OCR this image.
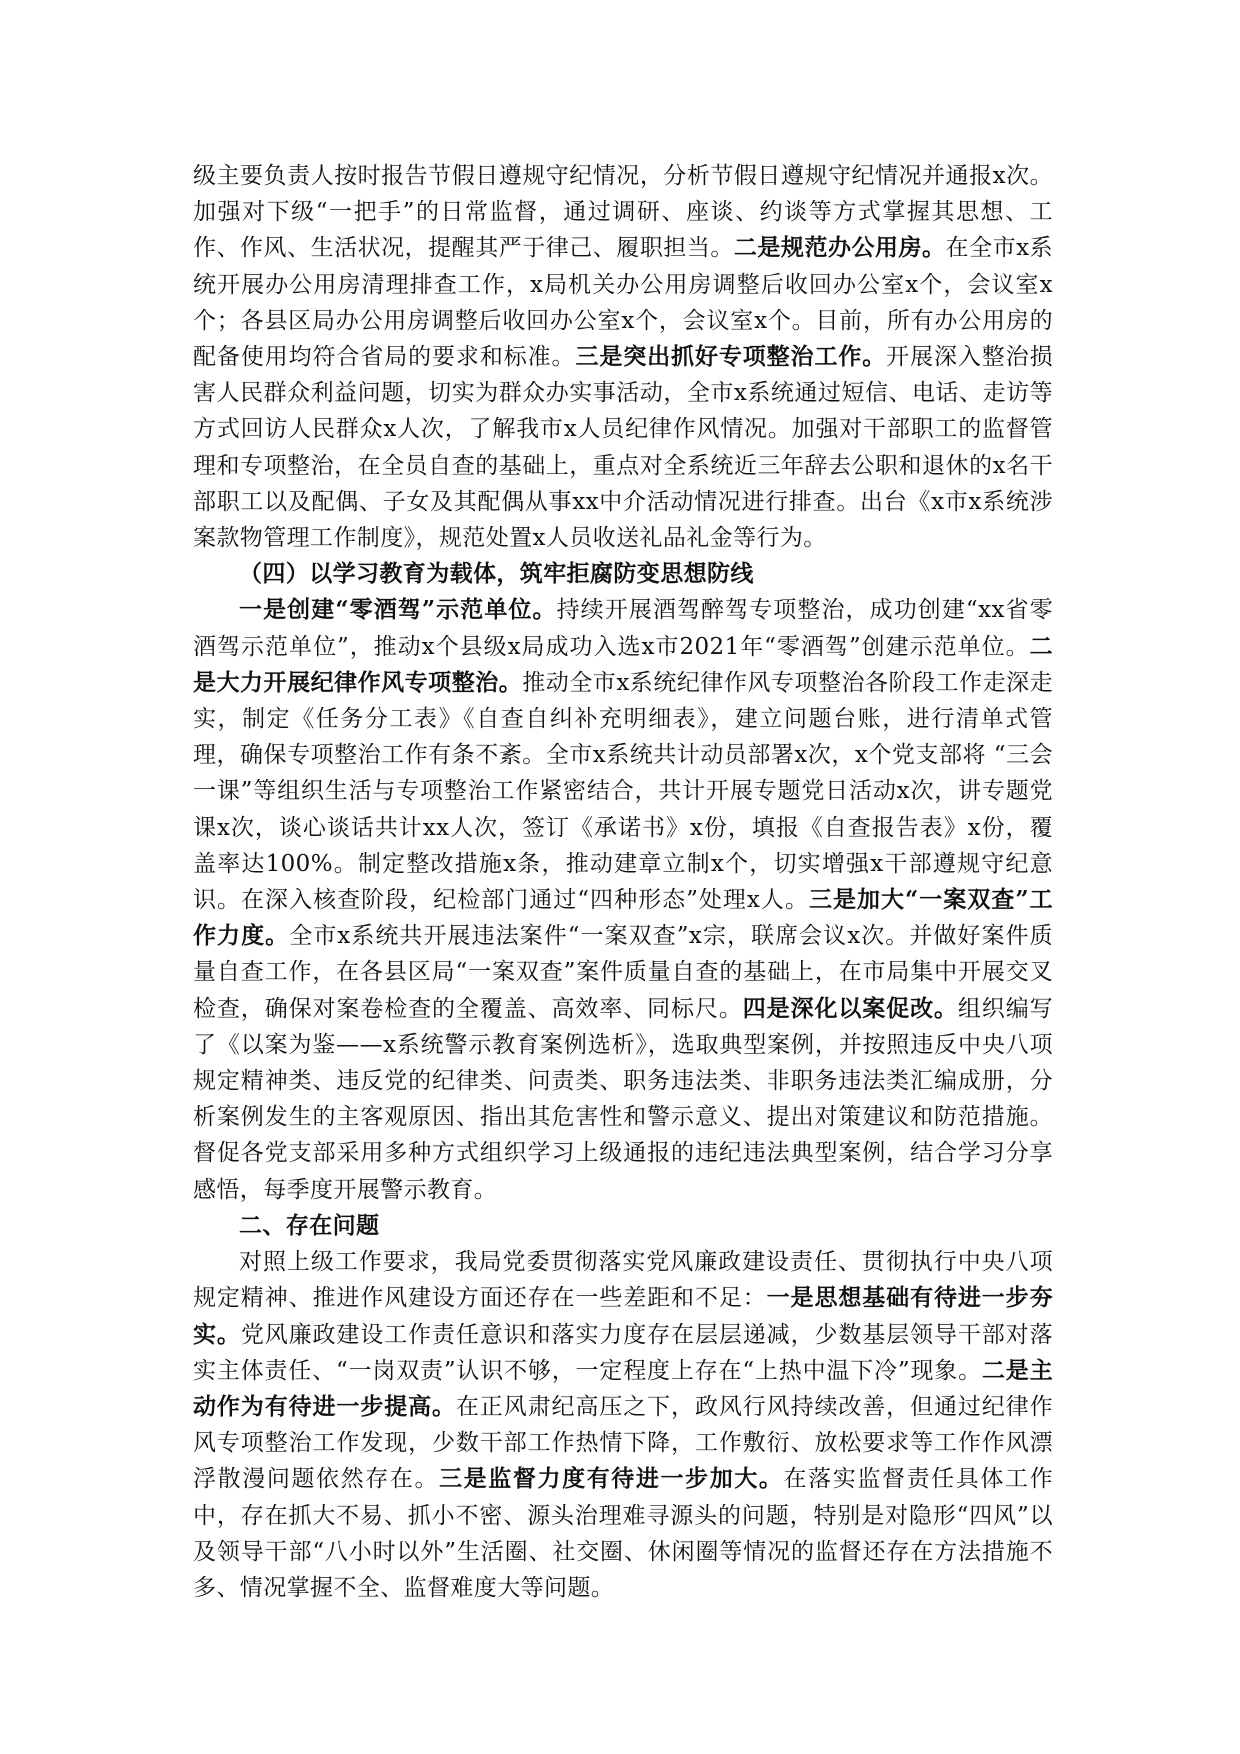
级主要负责人按时报告节假日遵规守纪情况，分析节假日遵规守纪情况并通报x次。加强对下级“一把手”的日常监督，通过调研、座谈、约谈等方式掌握其思想、工作、作风、生活状况，提醒其严于律己、履职担当。二是规范办公用房。在全市x系统开展办公用房清理排查工作，x局机关办公用房调整后收回办公室x个，会议室x个；各县区局办公用房调整后收回办公室x个，会议室x个。目前，所有办公用房的配备使用均符合省局的要求和标准。三是突出抓好专项整治工作。开展深入整治损害人民群众利益问题，切实为群众办实事活动，全市x系统通过短信、电话、走访等方式回访人民群众x人次，了解我市x人员纪律作风情况。加强对干部职工的监督管理和专项整治，在全员自查的基础上，重点对全系统近三年辞去公职和退休的x名干部职工以及配偶、子女及其配偶从事xx中介活动情况进行排查。出台《x市x系统涉案款物管理工作制度》，规范处置x人员收送礼品礼金等行为。

（四）以学习教育为载体，筑牢拒腐防变思想防线

一是创建“零酒驾”示范单位。持续开展酒驾醉驾专项整治，成功创建“xx省零酒驾示范单位”，推动x个县级x局成功入选x市2021年“零酒驾”创建示范单位。二是大力开展纪律作风专项整治。推动全市x系统纪律作风专项整治各阶段工作走深走实，制定《任务分工表》《自查自纠补充明细表》，建立问题台账，进行清单式管理，确保专项整治工作有条不紊。全市x系统共计动员部署x次，x个党支部将 “三会一课”等组织生活与专项整治工作紧密结合，共计开展专题党日活动x次，讲专题党课x次，谈心谈话共计xx人次，签订《承诺书》x份，填报《自查报告表》x份，覆盖率达100%。制定整改措施x条，推动建章立制x个，切实增强x干部遵规守纪意识。在深入核查阶段，纪检部门通过“四种形态”处理x人。三是加大“一案双查”工作力度。全市x系统共开展违法案件“一案双查”x宗，联席会议x次。并做好案件质量自查工作，在各县区局“一案双查”案件质量自查的基础上，在市局集中开展交叉检查，确保对案卷检查的全覆盖、高效率、同标尺。四是深化以案促改。组织编写了《以案为鉴——x系统警示教育案例选析》，选取典型案例，并按照违反中央八项规定精神类、违反党的纪律类、问责类、职务违法类、非职务违法类汇编成册，分析案例发生的主客观原因、指出其危害性和警示意义、提出对策建议和防范措施。督促各党支部采用多种方式组织学习上级通报的违纪违法典型案例，结合学习分享感悟，每季度开展警示教育。

二、存在问题

对照上级工作要求，我局党委贯彻落实党风廉政建设责任、贯彻执行中央八项规定精神、推进作风建设方面还存在一些差距和不足：一是思想基础有待进一步夯实。党风廉政建设工作责任意识和落实力度存在层层递减，少数基层领导干部对落实主体责任、“一岗双责”认识不够，一定程度上存在“上热中温下冷”现象。二是主动作为有待进一步提高。在正风肃纪高压之下，政风行风持续改善，但通过纪律作风专项整治工作发现，少数干部工作热情下降，工作敷衍、放松要求等工作作风漂浮散漫问题依然存在。三是监督力度有待进一步加大。在落实监督责任具体工作中，存在抓大不易、抓小不密、源头治理难寻源头的问题，特别是对隐形“四风”以及领导干部“八小时以外”生活圈、社交圈、休闲圈等情况的监督还存在方法措施不多、情况掌握不全、监督难度大等问题。
